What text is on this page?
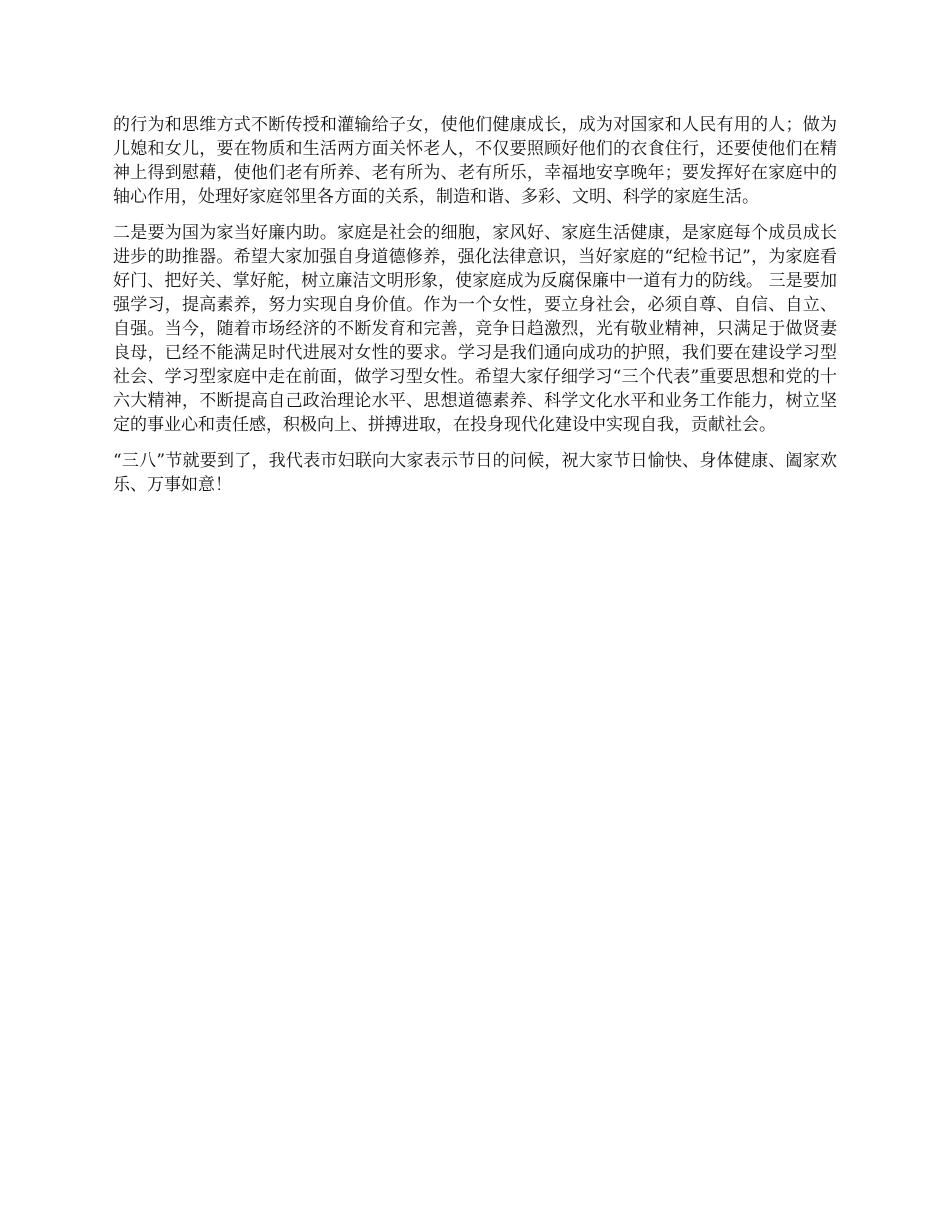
的行为和思维方式不断传授和灌输给子女，使他们健康成长，成为对国家和人民有用的人；做为儿媳和女儿，要在物质和生活两方面关怀老人，不仅要照顾好他们的衣食住行，还要使他们在精神上得到慰藉，使他们老有所养、老有所为、老有所乐，幸福地安享晚年；要发挥好在家庭中的轴心作用，处理好家庭邻里各方面的关系，制造和谐、多彩、文明、科学的家庭生活。

二是要为国为家当好廉内助。家庭是社会的细胞，家风好、家庭生活健康，是家庭每个成员成长进步的助推器。希望大家加强自身道德修养，强化法律意识，当好家庭的“纪检书记”，为家庭看好门、把好关、掌好舵，树立廉洁文明形象，使家庭成为反腐保廉中一道有力的防线。 三是要加强学习，提高素养，努力实现自身价值。作为一个女性，要立身社会，必须自尊、自信、自立、自强。当今，随着市场经济的不断发育和完善，竞争日趋激烈，光有敬业精神，只满足于做贤妻良母，已经不能满足时代进展对女性的要求。学习是我们通向成功的护照，我们要在建设学习型社会、学习型家庭中走在前面，做学习型女性。希望大家仔细学习“三个代表”重要思想和党的十六大精神，不断提高自己政治理论水平、思想道德素养、科学文化水平和业务工作能力，树立坚定的事业心和责任感，积极向上、拼搏进取，在投身现代化建设中实现自我，贡献社会。

“三八”节就要到了，我代表市妇联向大家表示节日的问候，祝大家节日愉快、身体健康、阖家欢乐、万事如意！
